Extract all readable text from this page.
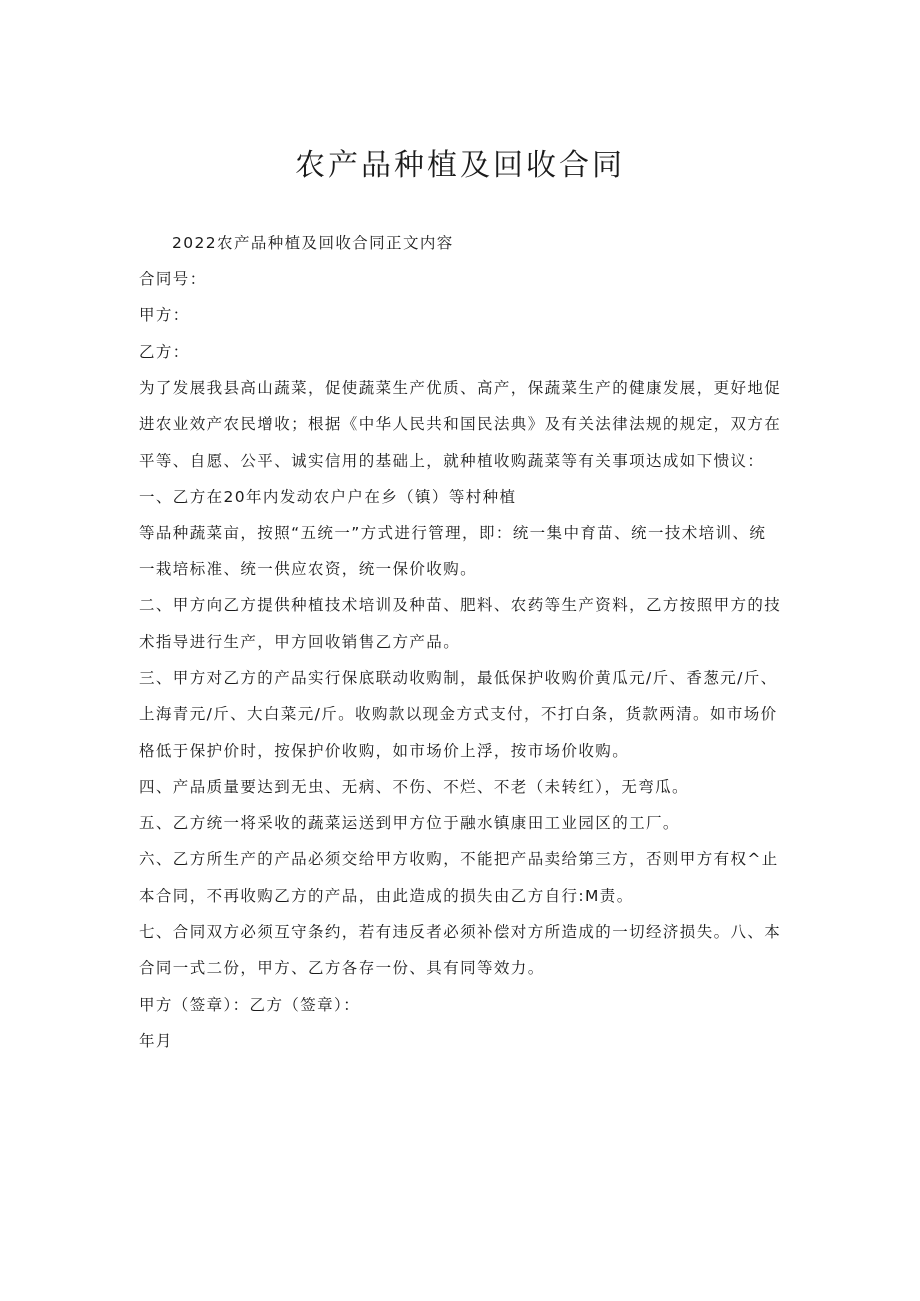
农产品种植及回收合同

2022农产品种植及回收合同正文内容

合同号：

甲方：

乙方：

为了发展我县高山蔬菜，促使蔬菜生产优质、高产，保蔬菜生产的健康发展，更好地促

进农业效产农民增收；根据《中华人民共和国民法典》及有关法律法规的规定，双方在

平等、自愿、公平、诚实信用的基础上，就种植收购蔬菜等有关事项达成如下愦议：

一、乙方在20年内发动农户户在乡（镇）等村种植

等品种蔬菜亩，按照“五统一”方式进行管理，即：统一集中育苗、统一技术培训、统

一栽培标准、统一供应农资，统一保价收购。

二、甲方向乙方提供种植技术培训及种苗、肥料、农药等生产资料，乙方按照甲方的技

术指导进行生产，甲方回收销售乙方产品。

三、甲方对乙方的产品实行保底联动收购制，最低保护收购价黄瓜元/斤、香葱元/斤、

上海青元/斤、大白菜元/斤。收购款以现金方式支付，不打白条，货款两清。如市场价

格低于保护价时，按保护价收购，如市场价上浮，按市场价收购。

四、产品质量要达到无虫、无病、不伤、不烂、不老（未转红），无弯瓜。

五、乙方统一将采收的蔬菜运送到甲方位于融水镇康田工业园区的工厂。

六、乙方所生产的产品必须交给甲方收购，不能把产品卖给第三方，否则甲方有权^止

本合同，不再收购乙方的产品，由此造成的损失由乙方自行:M责。

七、合同双方必须互守条约，若有违反者必须补偿对方所造成的一切经济损失。八、本

合同一式二份，甲方、乙方各存一份、具有同等效力。

甲方（签章）：乙方（签章）：

年月
